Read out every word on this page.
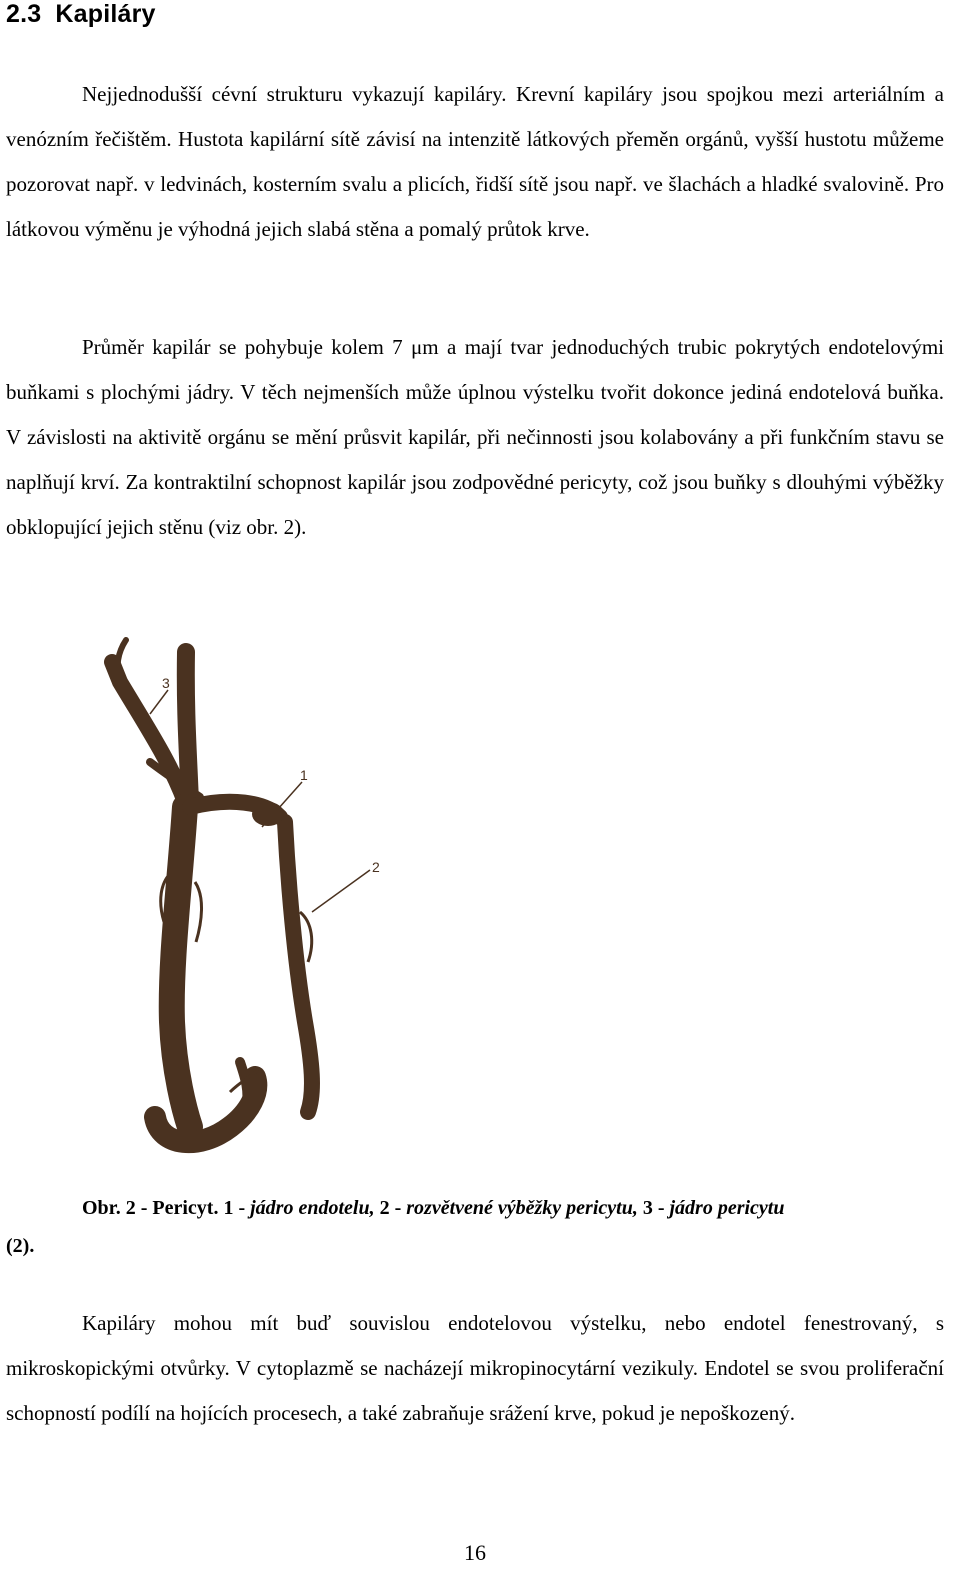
2.3 Kapiláry

Nejjednodušší cévní strukturu vykazují kapiláry. Krevní kapiláry jsou spojkou mezi arteriálním a venózním řečištěm. Hustota kapilární sítě závisí na intenzitě látkových přeměn orgánů, vyšší hustotu můžeme pozorovat např. v ledvinách, kosterním svalu a plicích, řidší sítě jsou např. ve šlachách a hladké svalovině. Pro látkovou výměnu je výhodná jejich slabá stěna a pomalý průtok krve.

Průměr kapilár se pohybuje kolem 7 μm a mají tvar jednoduchých trubic pokrytých endotelovými buňkami s plochými jádry. V těch nejmenších může úplnou výstelku tvořit dokonce jediná endotelová buňka. V závislosti na aktivitě orgánu se mění průsvit kapilár, při nečinnosti jsou kolabovány a při funkčním stavu se naplňují krví. Za kontraktilní schopnost kapilár jsou zodpovědné pericyty, což jsou buňky s dlouhými výběžky obklopující jejich stěnu (viz obr. 2).

1
2
3
Obr. 2 - Pericyt. 1 - jádro endotelu, 2 - rozvětvené výběžky pericytu, 3 - jádro pericytu
(2).

Kapiláry mohou mít buď souvislou endotelovou výstelku, nebo endotel fenestrovaný, s mikroskopickými otvůrky. V cytoplazmě se nacházejí mikropinocytární vezikuly. Endotel se svou proliferační schopností podílí na hojících procesech, a také zabraňuje srážení krve, pokud je nepoškozený.

16
